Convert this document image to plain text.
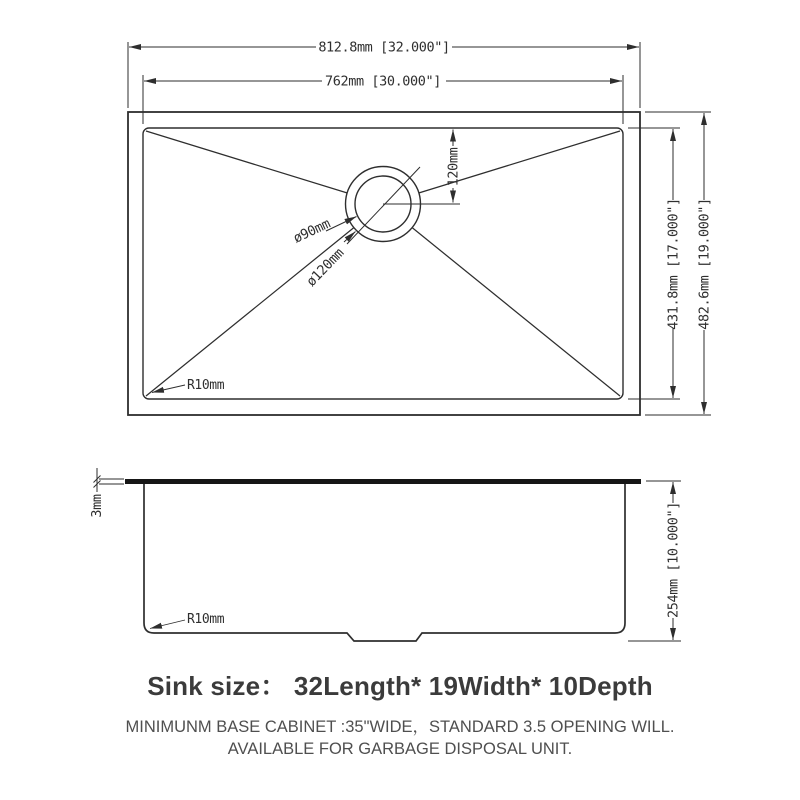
812.8mm [32.000"]
762mm [30.000"]
431.8mm [17.000"] 482.6mm [19.000"]
120mm
ø90mm
ø120mm
R10mm
3mm	254mm [10.000"]
R10mm

Sink size： 32Length* 19Width* 10Depth

MINIMUNM BASE CABINET :35"WIDE，STANDARD 3.5 OPENING WILL.

AVAILABLE FOR GARBAGE DISPOSAL UNIT.
